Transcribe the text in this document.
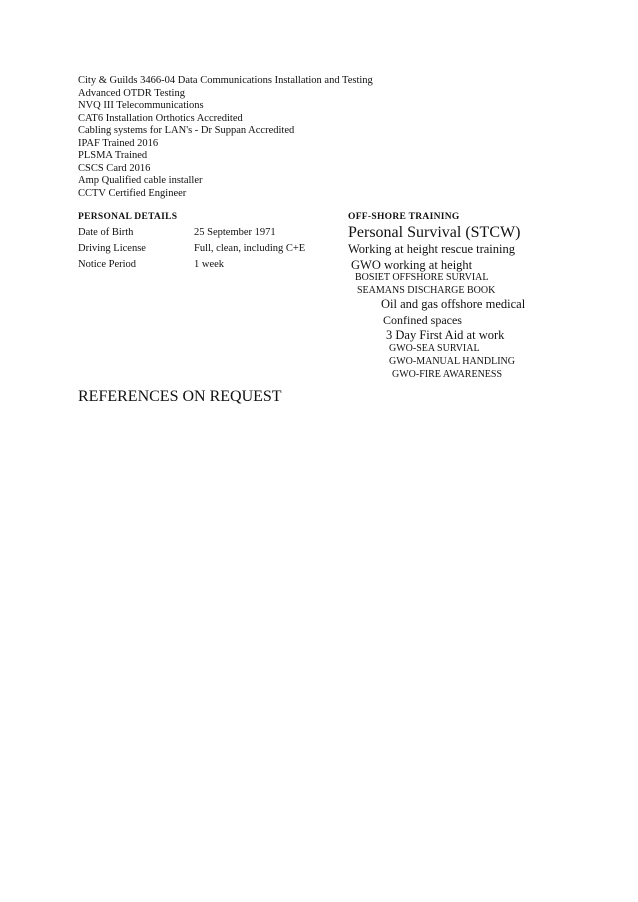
City & Guilds 3466-04 Data Communications Installation and Testing
Advanced OTDR Testing
NVQ III Telecommunications
CAT6 Installation Orthotics Accredited
Cabling systems for LAN's - Dr Suppan Accredited
IPAF Trained 2016
PLSMA Trained
CSCS Card 2016
Amp Qualified cable installer
CCTV Certified Engineer
PERSONAL DETAILS
Date of Birth	25 September 1971
Driving License	Full, clean, including C+E
Notice Period	1 week
OFF-SHORE TRAINING
Personal Survival (STCW)
Working at height rescue training
GWO working at height
BOSIET OFFSHORE SURVIAL
SEAMANS DISCHARGE BOOK
Oil and gas offshore medical
Confined spaces
3 Day First Aid at work
GWO-SEA SURVIAL
GWO-MANUAL HANDLING
GWO-FIRE AWARENESS
REFERENCES ON REQUEST
